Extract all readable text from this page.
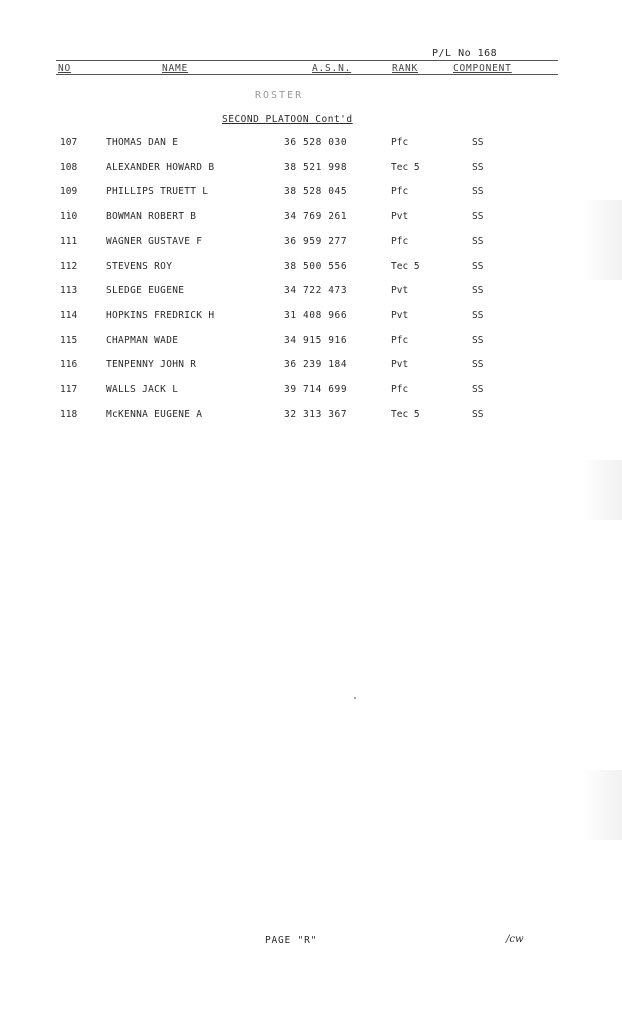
P/L No 168
NO	NAME	A.S.N.	RANK	COMPONENT
ROSTER
SECOND PLATOON Cont'd
107	THOMAS DAN E	36 528 030	Pfc	SS
108	ALEXANDER HOWARD B	38 521 998	Tec 5	SS
109	PHILLIPS TRUETT L	38 528 045	Pfc	SS
110	BOWMAN ROBERT B	34 769 261	Pvt	SS
111	WAGNER GUSTAVE F	36 959 277	Pfc	SS
112	STEVENS ROY	38 500 556	Tec 5	SS
113	SLEDGE EUGENE	34 722 473	Pvt	SS
114	HOPKINS FREDRICK H	31 408 966	Pvt	SS
115	CHAPMAN WADE	34 915 916	Pfc	SS
116	TENPENNY JOHN R	36 239 184	Pvt	SS
117	WALLS JACK L	39 714 699	Pfc	SS
118	McKENNA EUGENE A	32 313 367	Tec 5	SS
PAGE "R"	/cw
